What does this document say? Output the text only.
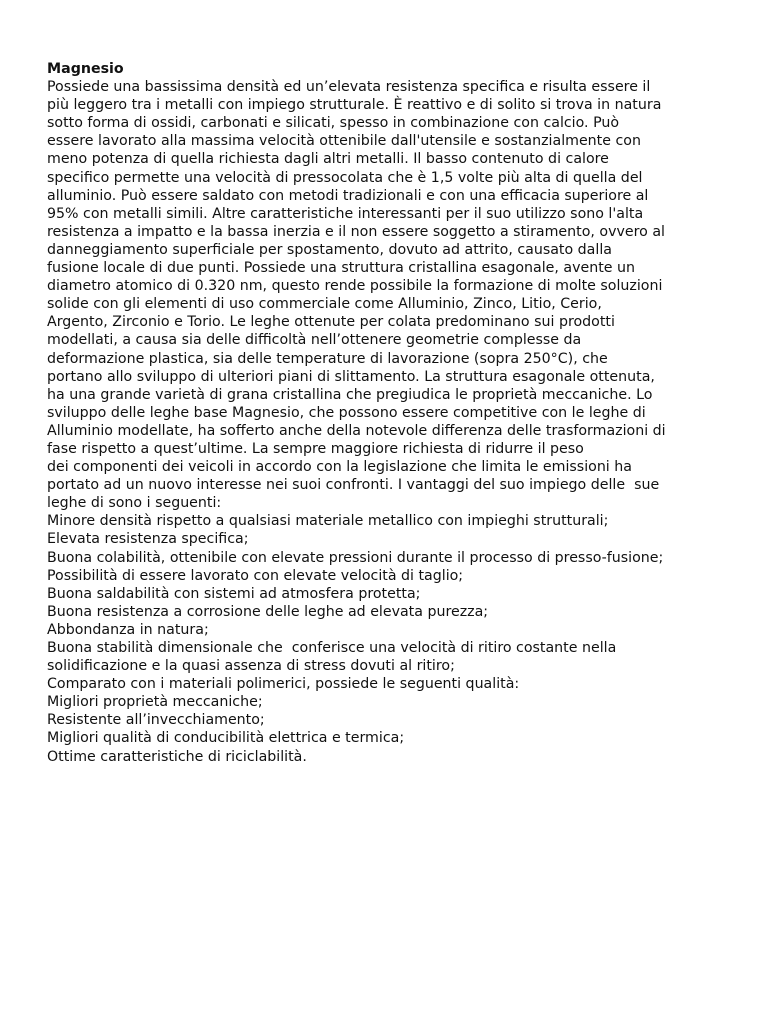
Magnesio

Possiede una bassissima densità ed un’elevata resistenza specifica e risulta essere il

più leggero tra i metalli con impiego strutturale. È reattivo e di solito si trova in natura

sotto forma di ossidi, carbonati e silicati, spesso in combinazione con calcio. Può

essere lavorato alla massima velocità ottenibile dall'utensile e sostanzialmente con

meno potenza di quella richiesta dagli altri metalli. Il basso contenuto di calore

specifico permette una velocità di pressocolata che è 1,5 volte più alta di quella del

alluminio. Può essere saldato con metodi tradizionali e con una efficacia superiore al

95% con metalli simili. Altre caratteristiche interessanti per il suo utilizzo sono l'alta

resistenza a impatto e la bassa inerzia e il non essere soggetto a stiramento, ovvero al

danneggiamento superficiale per spostamento, dovuto ad attrito, causato dalla

fusione locale di due punti. Possiede una struttura cristallina esagonale, avente un

diametro atomico di 0.320 nm, questo rende possibile la formazione di molte soluzioni

solide con gli elementi di uso commerciale come Alluminio, Zinco, Litio, Cerio,

Argento, Zirconio e Torio. Le leghe ottenute per colata predominano sui prodotti

modellati, a causa sia delle difficoltà nell’ottenere geometrie complesse da

deformazione plastica, sia delle temperature di lavorazione (sopra 250°C), che

portano allo sviluppo di ulteriori piani di slittamento. La struttura esagonale ottenuta,

ha una grande varietà di grana cristallina che pregiudica le proprietà meccaniche. Lo

sviluppo delle leghe base Magnesio, che possono essere competitive con le leghe di

Alluminio modellate, ha sofferto anche della notevole differenza delle trasformazioni di

fase rispetto a quest’ultime. La sempre maggiore richiesta di ridurre il peso

dei componenti dei veicoli in accordo con la legislazione che limita le emissioni ha

portato ad un nuovo interesse nei suoi confronti. I vantaggi del suo impiego delle  sue

leghe di sono i seguenti:

Minore densità rispetto a qualsiasi materiale metallico con impieghi strutturali;

Elevata resistenza specifica;

Buona colabilità, ottenibile con elevate pressioni durante il processo di presso-fusione;

Possibilità di essere lavorato con elevate velocità di taglio;

Buona saldabilità con sistemi ad atmosfera protetta;

Buona resistenza a corrosione delle leghe ad elevata purezza;

Abbondanza in natura;

Buona stabilità dimensionale che  conferisce una velocità di ritiro costante nella

solidificazione e la quasi assenza di stress dovuti al ritiro;

Comparato con i materiali polimerici, possiede le seguenti qualità:

Migliori proprietà meccaniche;

Resistente all’invecchiamento;

Migliori qualità di conducibilità elettrica e termica;

Ottime caratteristiche di riciclabilità.
